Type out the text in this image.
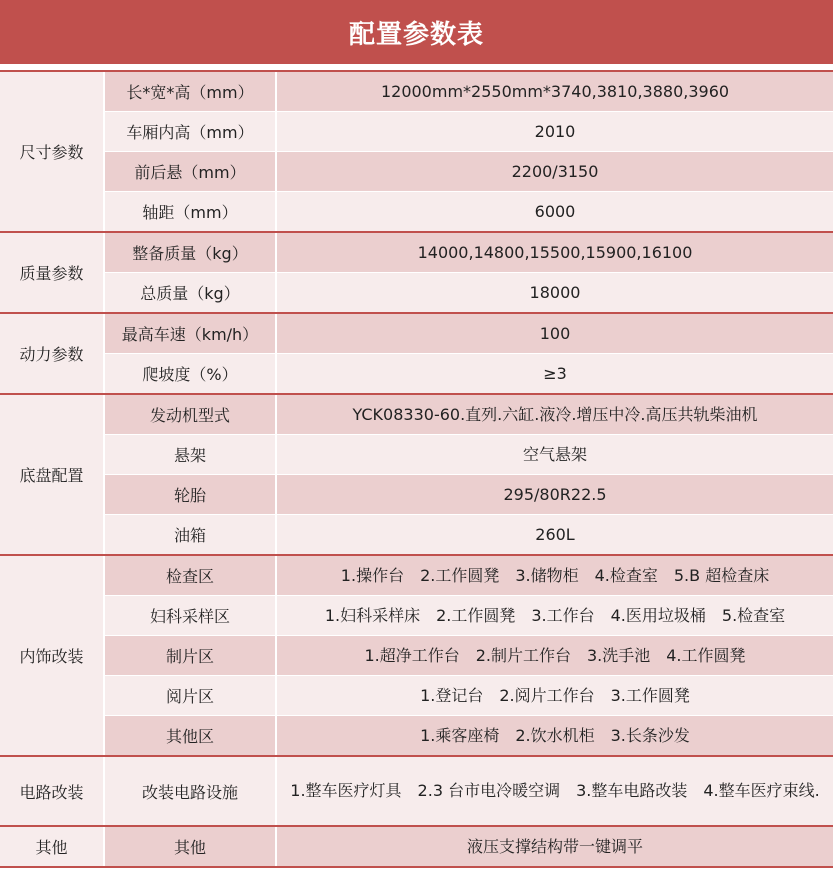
配置参数表
尺寸参数
长*宽*高（mm）	12000mm*2550mm*3740,3810,3880,3960
车厢内高（mm）	2010
前后悬（mm）	2200/3150
轴距（mm）	6000
质量参数
整备质量（kg）	14000,14800,15500,15900,16100
总质量（kg）	18000
动力参数
最高车速（km/h）	100
爬坡度（%）	≥3
底盘配置
发动机型式	YCK08330-60.直列.六缸.液冷.增压中冷.高压共轨柴油机
悬架	空气悬架
轮胎	295/80R22.5
油箱	260L
内饰改装
检查区	1.操作台　2.工作圆凳　3.储物柜　4.检查室　5.B 超检查床
妇科采样区	1.妇科采样床　2.工作圆凳　3.工作台　4.医用垃圾桶　5.检查室
制片区	1.超净工作台　2.制片工作台　3.洗手池　4.工作圆凳
阅片区	1.登记台　2.阅片工作台　3.工作圆凳
其他区	1.乘客座椅　2.饮水机柜　3.长条沙发
电路改装	改装电路设施	1.整车医疗灯具　2.3 台市电冷暖空调　3.整车电路改装　4.整车医疗束线.
其他	其他	液压支撑结构带一键调平
